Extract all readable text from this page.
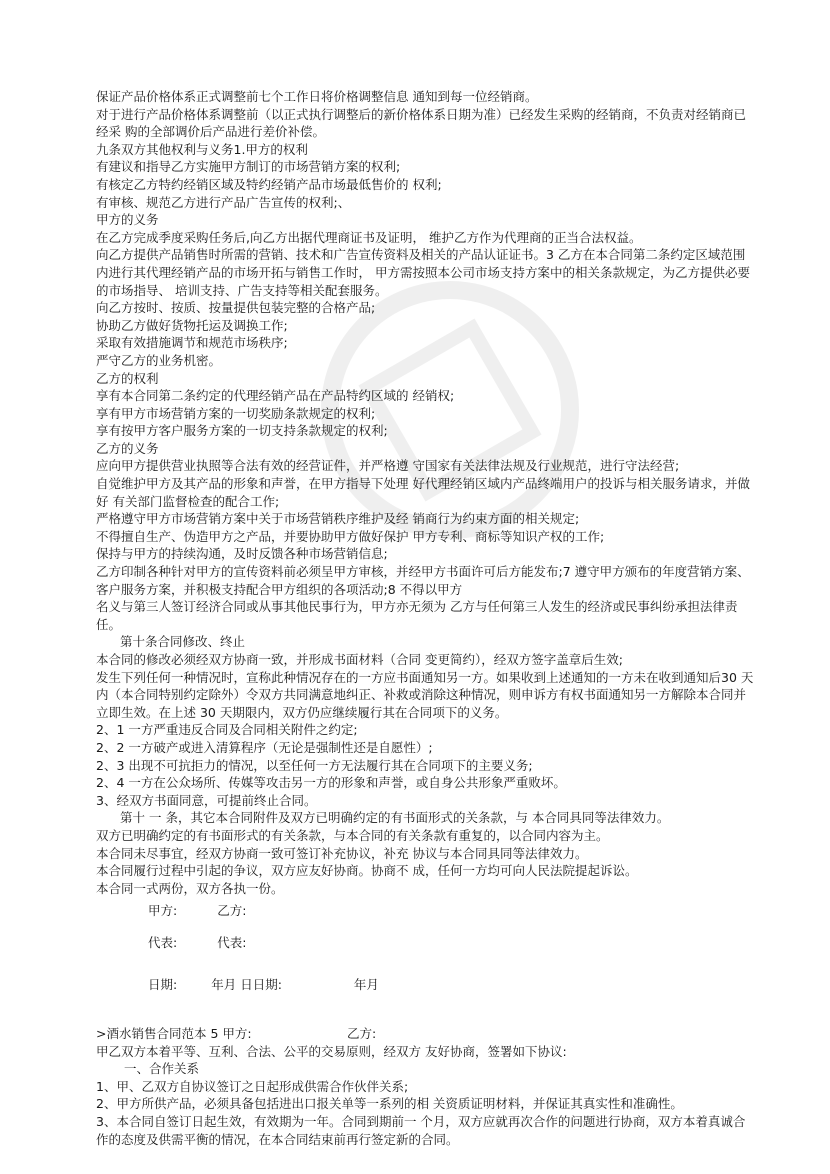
保证产品价格体系正式调整前七个工作日将价格调整信息 通知到每一位经销商。

对于进行产品价格体系调整前（以正式执行调整后的新价格体系日期为准）已经发生采购的经销商，不负责对经销商已经采 购的全部调价后产品进行差价补偿。

九条双方其他权利与义务1.甲方的权利

有建议和指导乙方实施甲方制订的市场营销方案的权利;

有核定乙方特约经销区域及特约经销产品市场最低售价的 权利;

有审核、规范乙方进行产品广告宣传的权利;、

甲方的义务

在乙方完成季度采购任务后,向乙方出据代理商证书及证明， 维护乙方作为代理商的正当合法权益。

向乙方提供产品销售时所需的营销、技术和广告宣传资料及相关的产品认证证书。3 乙方在本合同第二条约定区域范围内进行其代理经销产品的市场开拓与销售工作时， 甲方需按照本公司市场支持方案中的相关条款规定，为乙方提供必要的市场指导、 培训支持、广告支持等相关配套服务。

向乙方按时、按质、按量提供包装完整的合格产品;

协助乙方做好货物托运及调换工作;

采取有效措施调节和规范市场秩序;

严守乙方的业务机密。

乙方的权利

享有本合同第二条约定的代理经销产品在产品特约区域的 经销权;

享有甲方市场营销方案的一切奖励条款规定的权利;

享有按甲方客户服务方案的一切支持条款规定的权利;

乙方的义务

应向甲方提供营业执照等合法有效的经营证件，并严格遵 守国家有关法律法规及行业规范，进行守法经营;

自觉维护甲方及其产品的形象和声誉，在甲方指导下处理 好代理经销区域内产品终端用户的投诉与相关服务请求，并做好 有关部门监督检查的配合工作;

严格遵守甲方市场营销方案中关于市场营销秩序维护及经 销商行为约束方面的相关规定;

不得擅自生产、伪造甲方之产品，并要协助甲方做好保护 甲方专利、商标等知识产权的工作;

保持与甲方的持续沟通，及时反馈各种市场营销信息;

乙方印制各种针对甲方的宣传资料前必须呈甲方审核，并经甲方书面许可后方能发布;7 遵守甲方颁布的年度营销方案、客户服务方案，并积极支持配合甲方组织的各项活动;8 不得以甲方

名义与第三人签订经济合同或从事其他民事行为，甲方亦无须为 乙方与任何第三人发生的经济或民事纠纷承担法律责任。

第十条合同修改、终止

本合同的修改必须经双方协商一致，并形成书面材料（合同 变更简约），经双方签字盖章后生效;

发生下列任何一种情况时，宣称此种情况存在的一方应书面通知另一方。如果收到上述通知的一方未在收到通知后30 天内（本合同特别约定除外）令双方共同满意地纠正、补救或消除这种情况，则申诉方有权书面通知另一方解除本合同并立即生效。在上述 30 天期限内，双方仍应继续履行其在合同项下的义务。

2、1 一方严重违反合同及合同相关附件之约定;

2、2 一方破产或进入清算程序（无论是强制性还是自愿性）;

2、3 出现不可抗拒力的情况，以至任何一方无法履行其在合同项下的主要义务;

2、4 一方在公众场所、传媒等攻击另一方的形象和声誉，或自身公共形象严重败坏。

3、经双方书面同意，可提前终止合同。

第十 一 条，其它本合同附件及双方已明确约定的有书面形式的关条款，与 本合同具同等法律效力。

双方已明确约定的有书面形式的有关条款，与本合同的有关条款有重复的，以合同内容为主。

本合同未尽事宜，经双方协商一致可签订补充协议，补充 协议与本合同具同等法律效力。

本合同履行过程中引起的争议，双方应友好协商。协商不 成，任何一方均可向人民法院提起诉讼。

本合同一式两份，双方各执一份。

甲方:	乙方:
代表:	代表:
日期:	年月 日日期:	年月

>酒水销售合同范本 5 甲方:                        乙方:

甲乙双方本着平等、互利、合法、公平的交易原则，经双方 友好协商，签署如下协议:

一、合作关系

1、甲、乙双方自协议签订之日起形成供需合作伙伴关系;

2、甲方所供产品，必须具备包括进出口报关单等一系列的相 关资质证明材料，并保证其真实性和准确性。

3、本合同自签订日起生效，有效期为一年。合同到期前一 个月，双方应就再次合作的问题进行协商，双方本着真诚合作的态度及供需平衡的情况，在本合同结束前再行签定新的合同。
